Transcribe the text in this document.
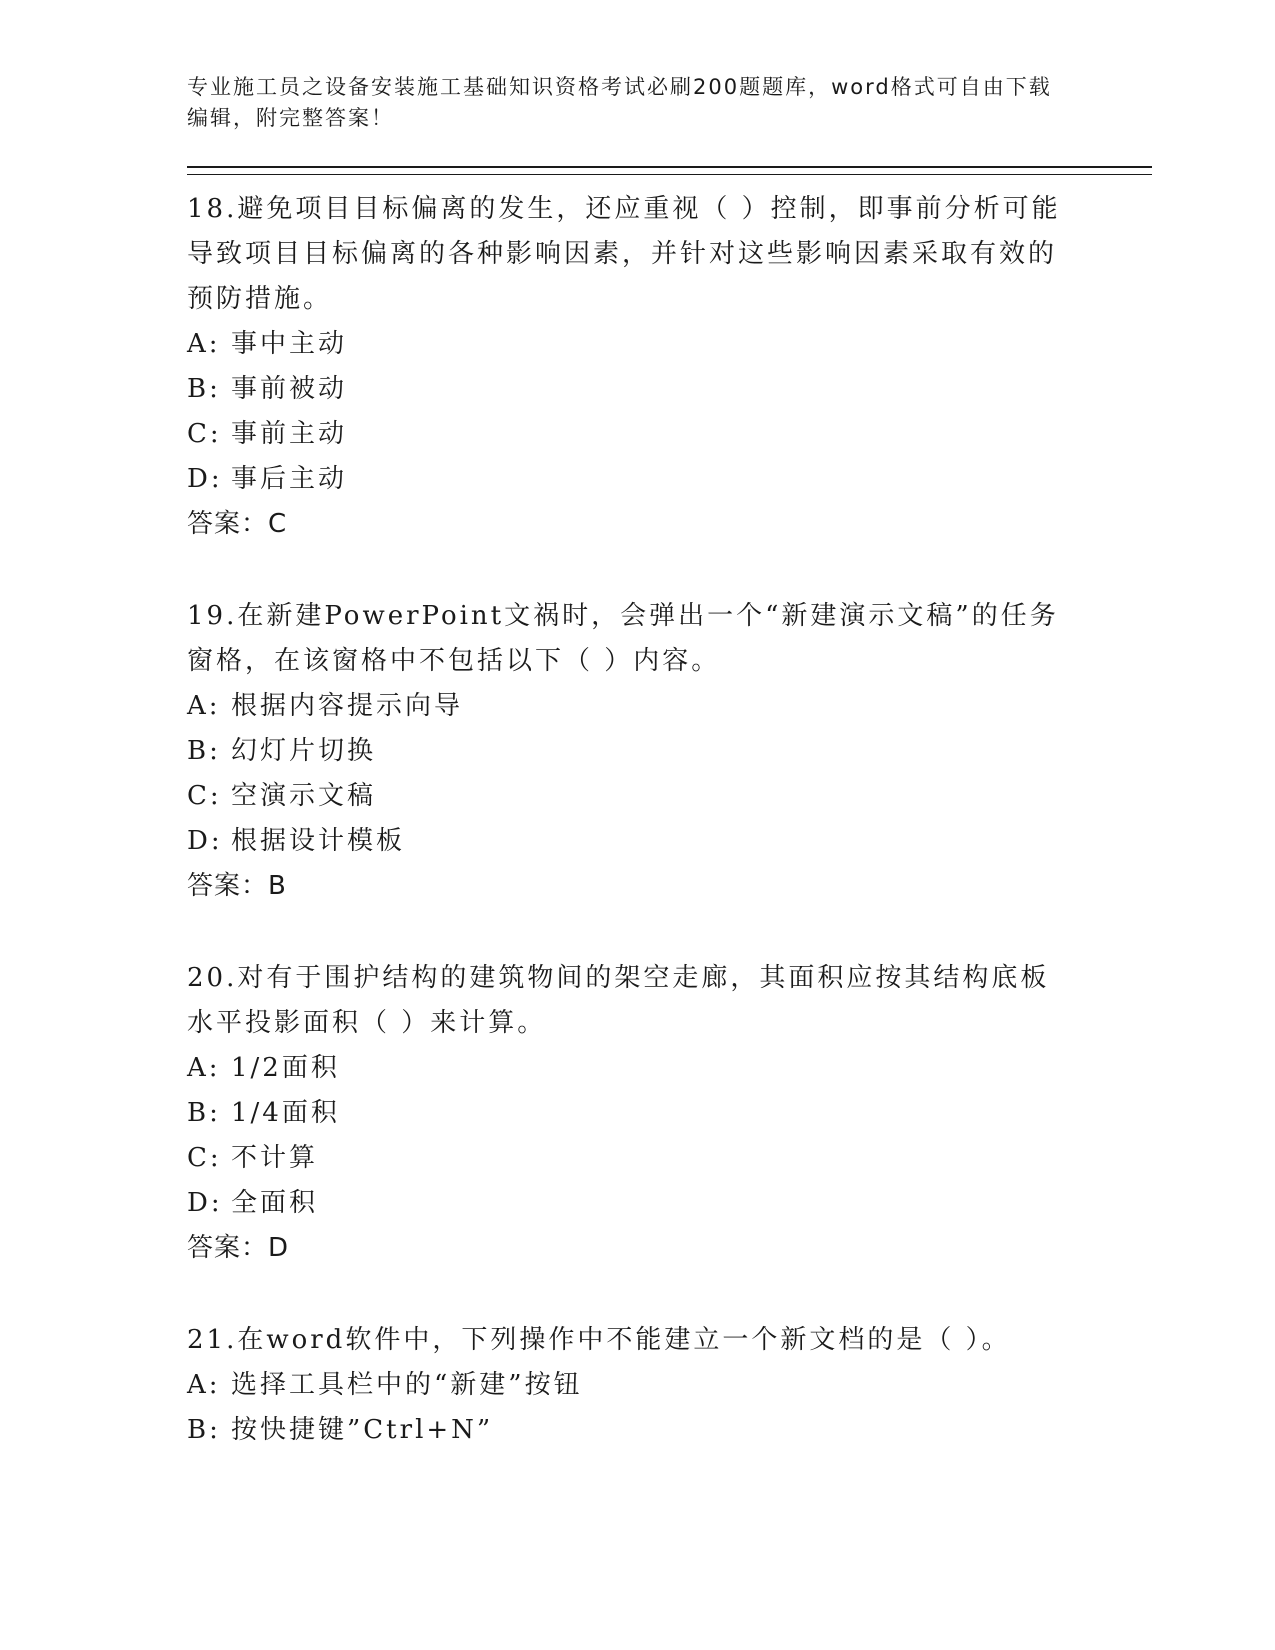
专业施工员之设备安装施工基础知识资格考试必刷200题题库，word格式可自由下载编辑，附完整答案！

18.避免项目目标偏离的发生，还应重视（ ）控制，即事前分析可能导致项目目标偏离的各种影响因素，并针对这些影响因素采取有效的预防措施。

A: 事中主动

B: 事前被动

C: 事前主动

D: 事后主动

答案：C

19.在新建PowerPoint文祸时，会弹出一个“新建演示文稿”的任务窗格，在该窗格中不包括以下（ ）内容。

A: 根据内容提示向导

B: 幻灯片切换

C: 空演示文稿

D: 根据设计模板

答案：B

20.对有于围护结构的建筑物间的架空走廊，其面积应按其结构底板水平投影面积（ ）来计算。

A: 1/2面积

B: 1/4面积

C: 不计算

D: 全面积

答案：D

21.在word软件中，下列操作中不能建立一个新文档的是（ ）。

A: 选择工具栏中的“新建”按钮

B: 按快捷键”Ctrl+N”
